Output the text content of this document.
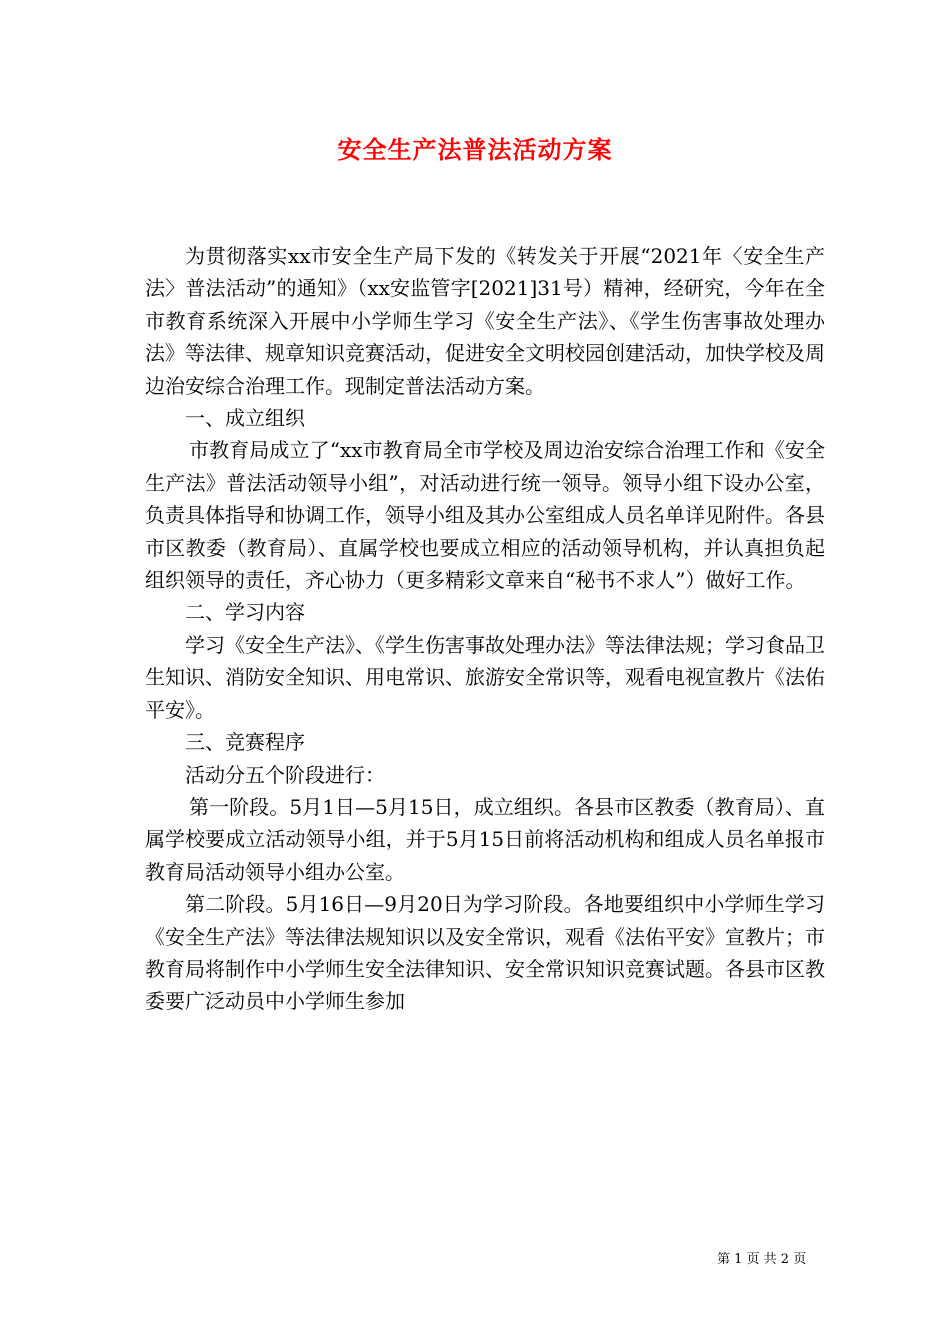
安全生产法普法活动方案

为贯彻落实xx市安全生产局下发的《转发关于开展“2021年〈安全生产法〉普法活动”的通知》（xx安监管字[2021]31号）精神，经研究，今年在全市教育系统深入开展中小学师生学习《安全生产法》、《学生伤害事故处理办法》等法律、规章知识竞赛活动，促进安全文明校园创建活动，加快学校及周边治安综合治理工作。现制定普法活动方案。

一、成立组织

市教育局成立了“xx市教育局全市学校及周边治安综合治理工作和《安全生产法》普法活动领导小组”，对活动进行统一领导。领导小组下设办公室，负责具体指导和协调工作，领导小组及其办公室组成人员名单详见附件。各县市区教委（教育局）、直属学校也要成立相应的活动领导机构，并认真担负起组织领导的责任，齐心协力（更多精彩文章来自“秘书不求人”）做好工作。

二、学习内容

学习《安全生产法》、《学生伤害事故处理办法》等法律法规；学习食品卫生知识、消防安全知识、用电常识、旅游安全常识等，观看电视宣教片《法佑平安》。

三、竞赛程序

活动分五个阶段进行：

第一阶段。5月1日—5月15日，成立组织。各县市区教委（教育局）、直属学校要成立活动领导小组，并于5月15日前将活动机构和组成人员名单报市教育局活动领导小组办公室。

第二阶段。5月16日—9月20日为学习阶段。各地要组织中小学师生学习《安全生产法》等法律法规知识以及安全常识，观看《法佑平安》宣教片；市教育局将制作中小学师生安全法律知识、安全常识知识竞赛试题。各县市区教委要广泛动员中小学师生参加

第 1 页 共 2 页
